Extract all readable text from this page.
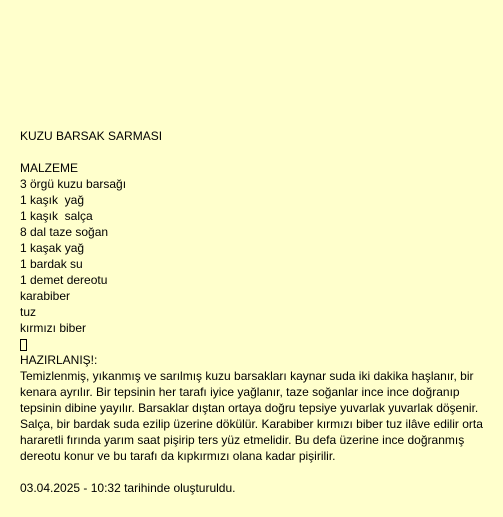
KUZU BARSAK SARMASI
MALZEME
3 örgü kuzu barsağı
1 kaşık  yağ
1 kaşık  salça
8 dal taze soğan
1 kaşak yağ
1 bardak su
1 demet dereotu
karabiber
tuz
kırmızı biber
HAZIRLANIŞ!:

Temizlenmiş, yıkanmış ve sarılmış kuzu barsakları kaynar suda iki dakika haşlanır, bir kenara ayrılır. Bir tepsinin her tarafı iyice yağlanır, taze soğanlar ince ince doğranıp tepsinin dibine yayılır. Barsaklar dıştan ortaya doğru tepsiye yuvarlak yuvarlak döşenir. Salça, bir bardak suda ezilip üzerine dökülür. Karabiber kırmızı biber tuz ilâve edilir orta hararetli fırında yarım saat pişirip ters yüz etmelidir. Bu defa üzerine ince doğranmış dereotu konur ve bu tarafı da kıpkırmızı olana kadar pişirilir.

03.04.2025 - 10:32 tarihinde oluşturuldu.
